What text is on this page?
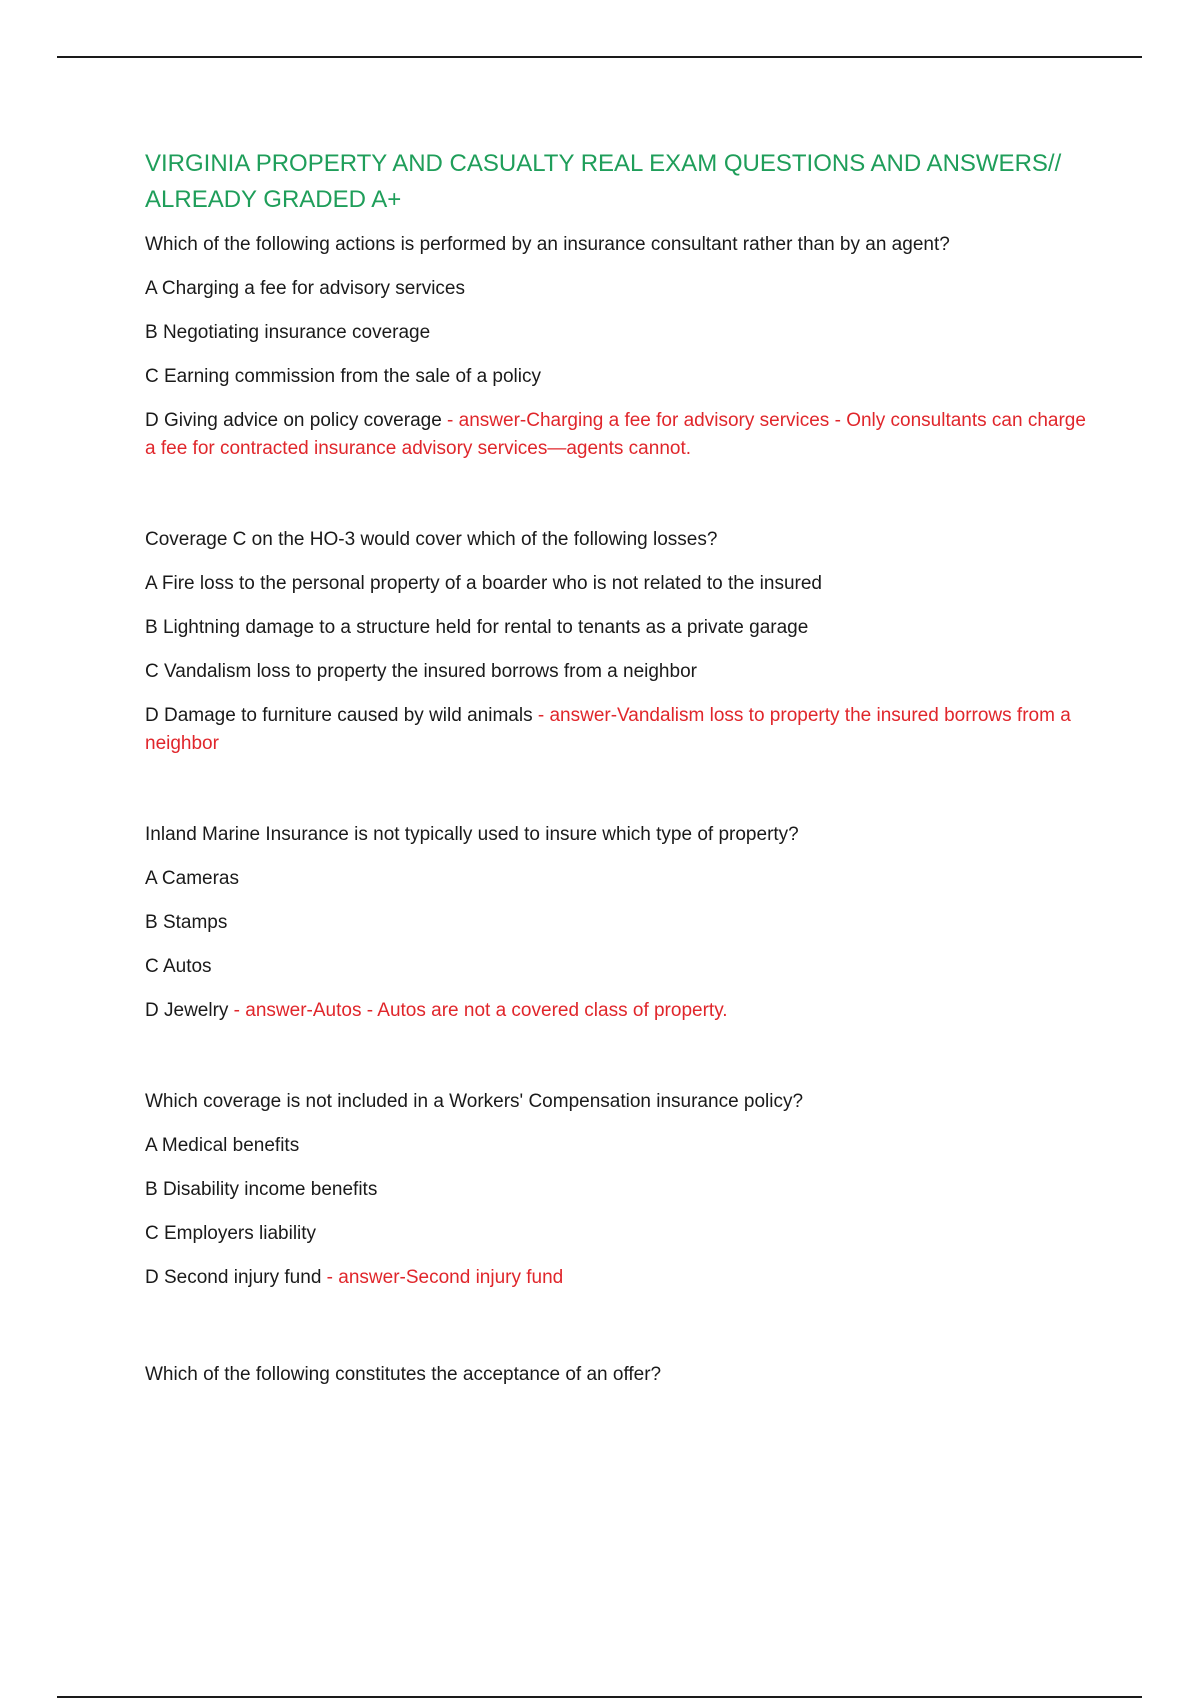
VIRGINIA PROPERTY AND CASUALTY REAL EXAM QUESTIONS AND ANSWERS// ALREADY GRADED A+

Which of the following actions is performed by an insurance consultant rather than by an agent?

A Charging a fee for advisory services

B Negotiating insurance coverage

C Earning commission from the sale of a policy

D Giving advice on policy coverage - answer-Charging a fee for advisory services - Only consultants can charge a fee for contracted insurance advisory services—agents cannot.

Coverage C on the HO-3 would cover which of the following losses?

A Fire loss to the personal property of a boarder who is not related to the insured

B Lightning damage to a structure held for rental to tenants as a private garage

C Vandalism loss to property the insured borrows from a neighbor

D Damage to furniture caused by wild animals - answer-Vandalism loss to property the insured borrows from a neighbor

Inland Marine Insurance is not typically used to insure which type of property?

A Cameras

B Stamps

C Autos

D Jewelry - answer-Autos - Autos are not a covered class of property.

Which coverage is not included in a Workers' Compensation insurance policy?

A Medical benefits

B Disability income benefits

C Employers liability

D Second injury fund - answer-Second injury fund

Which of the following constitutes the acceptance of an offer?
